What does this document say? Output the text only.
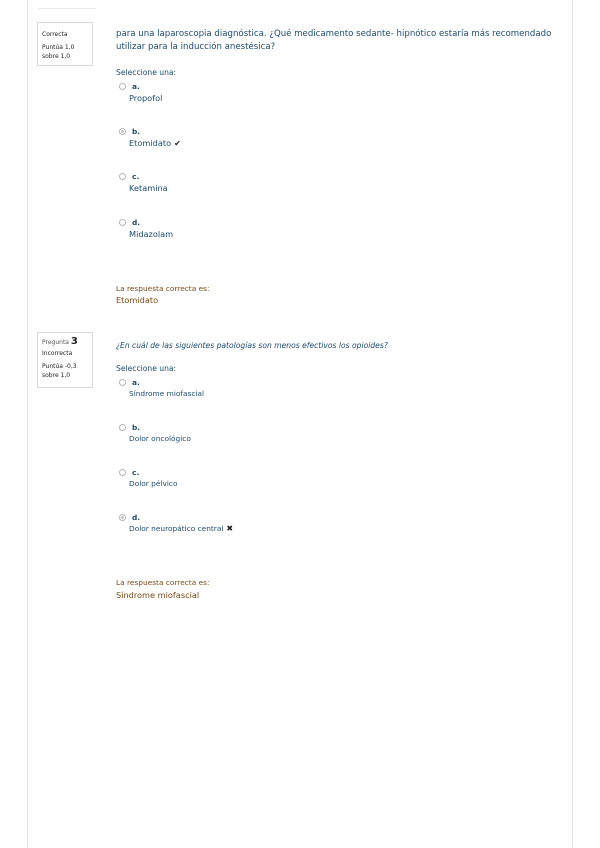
Correcta
Puntúa 1,0
sobre 1,0
para una laparoscopia diagnóstica. ¿Qué medicamento sedante- hipnótico estaría más recomendado utilizar para la inducción anestésica?
Seleccione una:
a.
Propofol
b.
Etomidato ✔
c.
Ketamina
d.
Midazolam
La respuesta correcta es:
Etomidato
Pregunta 3
Incorrecta
Puntúa -0,3
sobre 1,0
¿En cuál de las siguientes patologías son menos efectivos los opioides?
Seleccione una:
a.
Síndrome miofascial
b.
Dolor oncológico
c.
Dolor pélvico
d.
Dolor neuropático central ✖
La respuesta correcta es:
Síndrome miofascial
